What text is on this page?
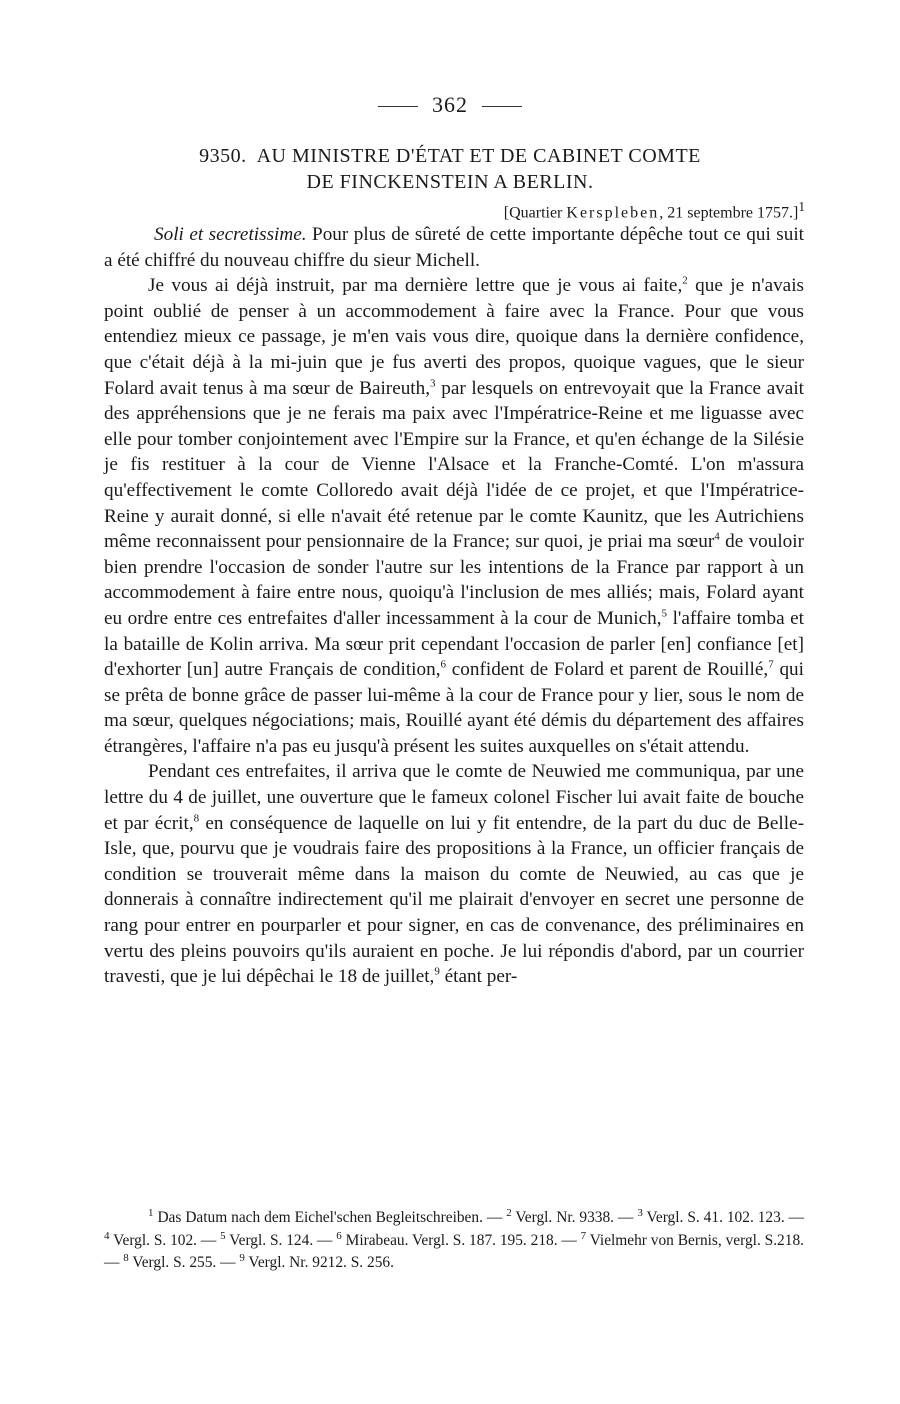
362
9350. AU MINISTRE D'ÉTAT ET DE CABINET COMTE
DE FINCKENSTEIN A BERLIN.
[Quartier Kerspleben, 21 septembre 1757.]$^1$

Soli et secretissime. Pour plus de sûreté de cette importante dépêche tout ce qui suit a été chiffré du nouveau chiffre du sieur Michell.

Je vous ai déjà instruit, par ma dernière lettre que je vous ai faite,$^2$ que je n'avais point oublié de penser à un accommodement à faire avec la France. Pour que vous entendiez mieux ce passage, je m'en vais vous dire, quoique dans la dernière confidence, que c'était déjà à la mi-juin que je fus averti des propos, quoique vagues, que le sieur Folard avait tenus à ma sœur de Baireuth,$^3$ par lesquels on entrevoyait que la France avait des appréhensions que je ne ferais ma paix avec l'Impératrice-Reine et me liguasse avec elle pour tomber conjointement avec l'Empire sur la France, et qu'en échange de la Silésie je fis restituer à la cour de Vienne l'Alsace et la Franche-Comté. L'on m'assura qu'effectivement le comte Colloredo avait déjà l'idée de ce projet, et que l'Impératrice-Reine y aurait donné, si elle n'avait été retenue par le comte Kaunitz, que les Autrichiens même reconnaissent pour pensionnaire de la France; sur quoi, je priai ma sœur$^4$ de vouloir bien prendre l'occasion de sonder l'autre sur les intentions de la France par rapport à un accommodement à faire entre nous, quoiqu'à l'inclusion de mes alliés; mais, Folard ayant eu ordre entre ces entrefaites d'aller incessamment à la cour de Munich,$^5$ l'affaire tomba et la bataille de Kolin arriva. Ma sœur prit cependant l'occasion de parler [en] confiance [et] d'exhorter [un] autre Français de condition,$^6$ confident de Folard et parent de Rouillé,$^7$ qui se prêta de bonne grâce de passer lui-même à la cour de France pour y lier, sous le nom de ma sœur, quelques négociations; mais, Rouillé ayant été démis du département des affaires étrangères, l'affaire n'a pas eu jusqu'à présent les suites auxquelles on s'était attendu.

Pendant ces entrefaites, il arriva que le comte de Neuwied me communiqua, par une lettre du 4 de juillet, une ouverture que le fameux colonel Fischer lui avait faite de bouche et par écrit,$^8$ en conséquence de laquelle on lui y fit entendre, de la part du duc de Belle-Isle, que, pourvu que je voudrais faire des propositions à la France, un officier français de condition se trouverait même dans la maison du comte de Neuwied, au cas que je donnerais à connaître indirectement qu'il me plairait d'envoyer en secret une personne de rang pour entrer en pourparler et pour signer, en cas de convenance, des préliminaires en vertu des pleins pouvoirs qu'ils auraient en poche. Je lui répondis d'abord, par un courrier travesti, que je lui dépêchai le 18 de juillet,$^9$ étant per-

$^1$ Das Datum nach dem Eichel'schen Begleitschreiben. — $^2$ Vergl. Nr. 9338. — $^3$ Vergl. S. 41. 102. 123. — $^4$ Vergl. S. 102. — $^5$ Vergl. S. 124. — $^6$ Mirabeau. Vergl. S. 187. 195. 218. — $^7$ Vielmehr von Bernis, vergl. S.218. — $^8$ Vergl. S. 255. — $^9$ Vergl. Nr. 9212. S. 256.
